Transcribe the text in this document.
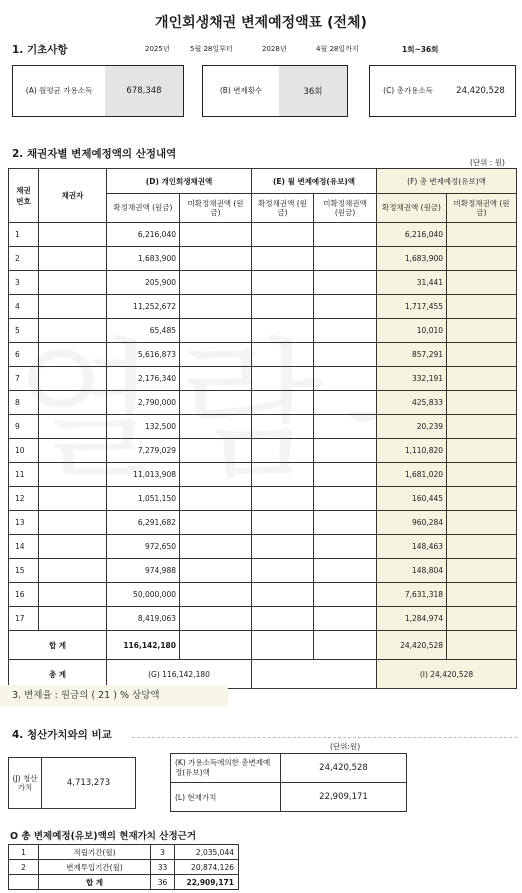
개인회생채권 변제예정액표 (전체)
1. 기초사항	2025년	5월 28일부터	2028년	4월 28일까지	1회~36회
(A) 월평균 가용소득	678,348	(B) 변제횟수	36회	(C) 총가용소득	24,420,528
2. 채권자별 변제예정액의 산정내역
(단위 : 원)
채권 번호	채권자	(D) 개인회생채권액		(E) 월 변제예정(유보)액		(F) 총 변제예정(유보)액	
		확정채권액 (원금)	미확정채권액 (원금)	확정채권액 (원금)	미확정채권액 (원금)	확정채권액 (원금)	미확정채권액 (원금)
1		6,216,040				6,216,040	
2		1,683,900				1,683,900	
3		205,900				31,441	
4		11,252,672				1,717,455	
5		65,485				10,010	
6		5,616,873				857,291	
7		2,176,340				332,191	
8		2,790,000				425,833	
9		132,500				20,239	
10		7,279,029				1,110,820	
11		11,013,908				1,681,020	
12		1,051,150				160,445	
13		6,291,682				960,284	
14		972,650				148,463	
15		974,988				148,804	
16		50,000,000				7,631,318	
17		8,419,063				1,284,974	
합 계		116,142,180				24,420,528	
총 계		(G) 116,142,180				(I) 24,420,528	
3. 변제율 : 원금의 ( 21 ) % 상당액
4. 청산가치와의 비교
(단위:원)
(J) 청산 가치	4,713,273
(K) 가용소득에의한 총변제예정(유보)액	24,420,528
(L) 현재가치	22,909,171
O 총 변제예정(유보)액의 현재가치 산정근거
1	적립기간(월)	3	2,035,044
2	변제투입기간(월)	33	20,874,126
	합 계	36	22,909,171
